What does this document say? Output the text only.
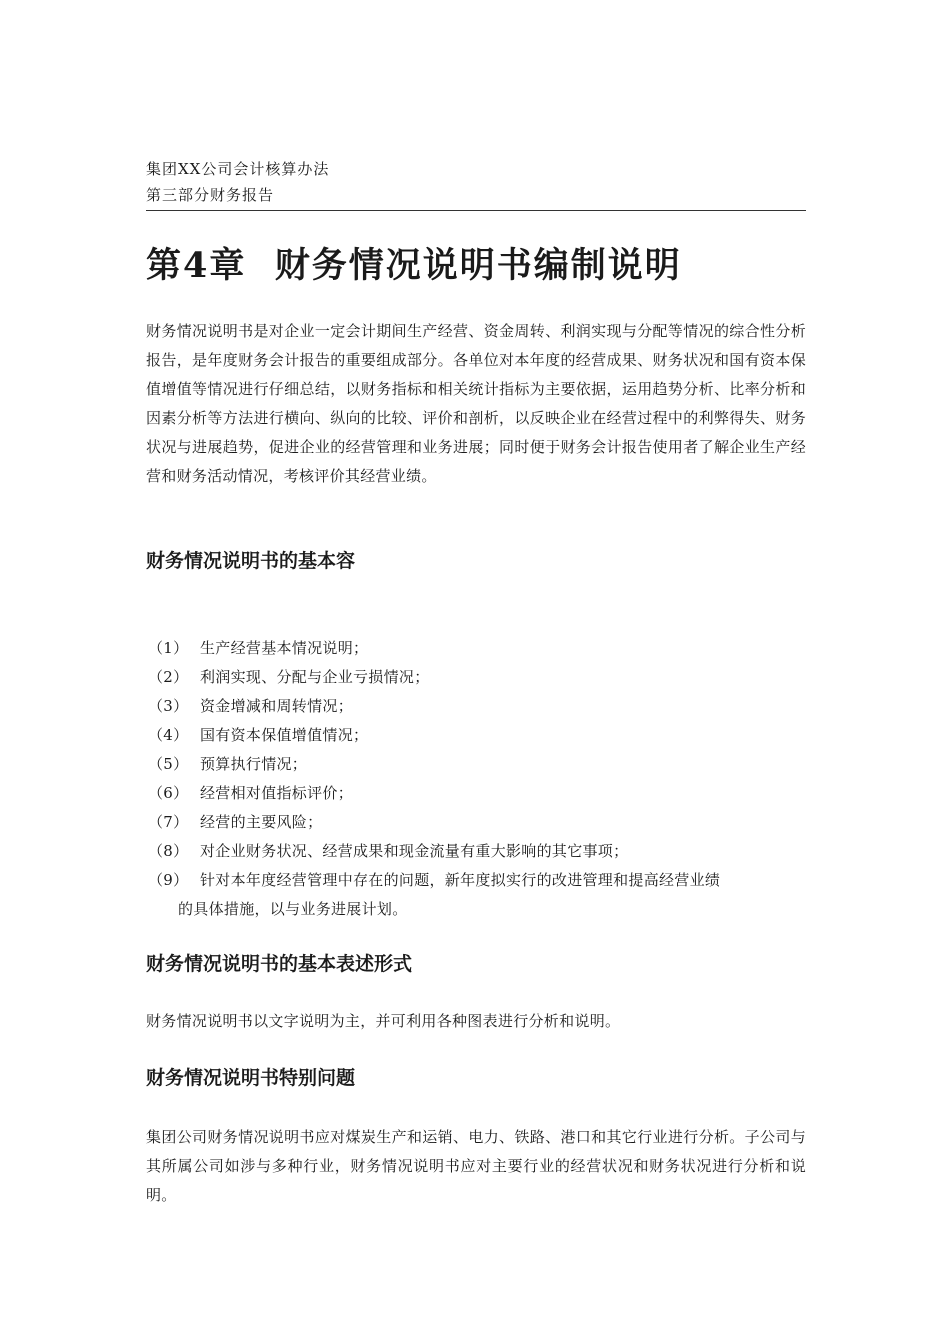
集团XX公司会计核算办法
第三部分财务报告
第4章 财务情况说明书编制说明
财务情况说明书是对企业一定会计期间生产经营、资金周转、利润实现与分配等情况的综合性分析报告，是年度财务会计报告的重要组成部分。各单位对本年度的经营成果、财务状况和国有资本保值增值等情况进行仔细总结，以财务指标和相关统计指标为主要依据，运用趋势分析、比率分析和因素分析等方法进行横向、纵向的比较、评价和剖析，以反映企业在经营过程中的利弊得失、财务状况与进展趋势，促进企业的经营管理和业务进展；同时便于财务会计报告使用者了解企业生产经营和财务活动情况，考核评价其经营业绩。
财务情况说明书的基本容
（1） 生产经营基本情况说明；
（2） 利润实现、分配与企业亏损情况；
（3） 资金增减和周转情况；
（4） 国有资本保值增值情况；
（5） 预算执行情况；
（6） 经营相对值指标评价；
（7） 经营的主要风险；
（8） 对企业财务状况、经营成果和现金流量有重大影响的其它事项；
（9） 针对本年度经营管理中存在的问题，新年度拟实行的改进管理和提高经营业绩
的具体措施，以与业务进展计划。
财务情况说明书的基本表述形式
财务情况说明书以文字说明为主，并可利用各种图表进行分析和说明。
财务情况说明书特别问题
集团公司财务情况说明书应对煤炭生产和运销、电力、铁路、港口和其它行业进行分析。子公司与其所属公司如涉与多种行业，财务情况说明书应对主要行业的经营状况和财务状况进行分析和说明。
